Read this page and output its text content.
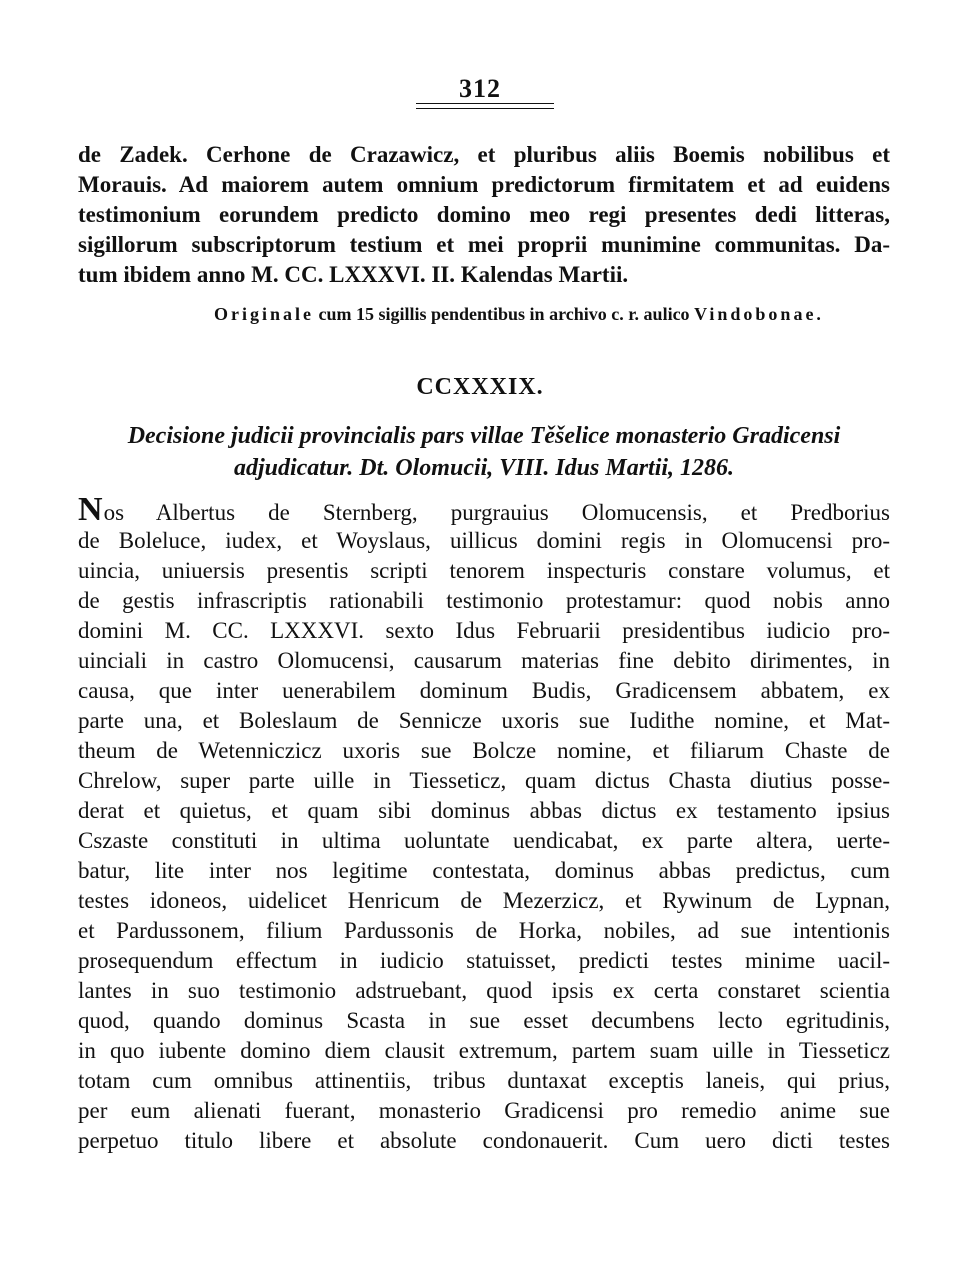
312
de Zadek. Cerhone de Crazawicz, et pluribus aliis Boemis nobilibus et
Morauis. Ad maiorem autem omnium predictorum firmitatem et ad euidens
testimonium eorundem predicto domino meo regi presentes dedi litteras,
sigillorum subscriptorum testium et mei proprii munimine communitas. Da-
tum ibidem anno M. CC. LXXXVI. II. Kalendas Martii.
Originale cum 15 sigillis pendentibus in archivo c. r. aulico Vindobonae.
CCXXXIX.
Decisione judicii provincialis pars villae Těšelice monasterio Gradicensi
adjudicatur. Dt. Olomucii, VIII. Idus Martii, 1286.
Nos Albertus de Sternberg, purgrauius Olomucensis, et Predborius
de Boleluce, iudex, et Woyslaus, uillicus domini regis in Olomucensi pro-
uincia, uniuersis presentis scripti tenorem inspecturis constare volumus, et
de gestis infrascriptis rationabili testimonio protestamur: quod nobis anno
domini M. CC. LXXXVI. sexto Idus Februarii presidentibus iudicio pro-
uinciali in castro Olomucensi, causarum materias fine debito dirimentes, in
causa, que inter uenerabilem dominum Budis, Gradicensem abbatem, ex
parte una, et Boleslaum de Sennicze uxoris sue Iudithe nomine, et Mat-
theum de Wetenniczicz uxoris sue Bolcze nomine, et filiarum Chaste de
Chrelow, super parte uille in Tiesseticz, quam dictus Chasta diutius posse-
derat et quietus, et quam sibi dominus abbas dictus ex testamento ipsius
Cszaste constituti in ultima uoluntate uendicabat, ex parte altera, uerte-
batur, lite inter nos legitime contestata, dominus abbas predictus, cum
testes idoneos, uidelicet Henricum de Mezerzicz, et Rywinum de Lypnan,
et Pardussonem, filium Pardussonis de Horka, nobiles, ad sue intentionis
prosequendum effectum in iudicio statuisset, predicti testes minime uacil-
lantes in suo testimonio adstruebant, quod ipsis ex certa constaret scientia
quod, quando dominus Scasta in sue esset decumbens lecto egritudinis,
in quo iubente domino diem clausit extremum, partem suam uille in Tiesseticz
totam cum omnibus attinentiis, tribus duntaxat exceptis laneis, qui prius,
per eum alienati fuerant, monasterio Gradicensi pro remedio anime sue
perpetuo titulo libere et absolute condonauerit. Cum uero dicti testes
